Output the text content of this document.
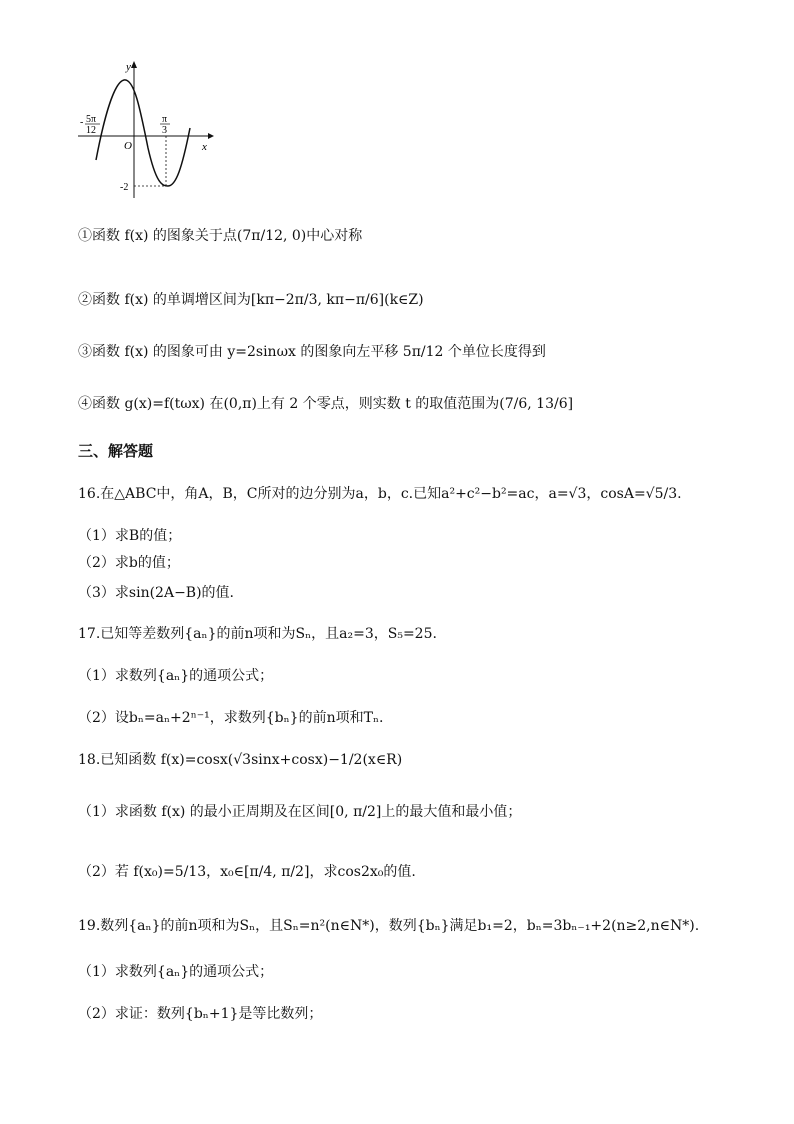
y
x
O
- 5π
12
π
3
-2
①函数 f(x) 的图象关于点(7π/12, 0)中心对称
②函数 f(x) 的单调增区间为[kπ−2π/3, kπ−π/6](k∈Z)
③函数 f(x) 的图象可由 y=2sinωx 的图象向左平移 5π/12 个单位长度得到
④函数 g(x)=f(tωx) 在(0,π)上有 2 个零点，则实数 t 的取值范围为(7/6, 13/6]
三、解答题
16.在△ABC中，角A，B，C所对的边分别为a，b，c.已知a²+c²−b²=ac，a=√3，cosA=√5/3.
（1）求B的值；
（2）求b的值；
（3）求sin(2A−B)的值.
17.已知等差数列{aₙ}的前n项和为Sₙ，且a₂=3，S₅=25.
（1）求数列{aₙ}的通项公式；
（2）设bₙ=aₙ+2ⁿ⁻¹，求数列{bₙ}的前n项和Tₙ.
18.已知函数 f(x)=cosx(√3sinx+cosx)−1/2(x∈R)
（1）求函数 f(x) 的最小正周期及在区间[0, π/2]上的最大值和最小值；
（2）若 f(x₀)=5/13，x₀∈[π/4, π/2]，求cos2x₀的值.
19.数列{aₙ}的前n项和为Sₙ，且Sₙ=n²(n∈N*)，数列{bₙ}满足b₁=2，bₙ=3bₙ₋₁+2(n≥2,n∈N*).
（1）求数列{aₙ}的通项公式；
（2）求证：数列{bₙ+1}是等比数列；
